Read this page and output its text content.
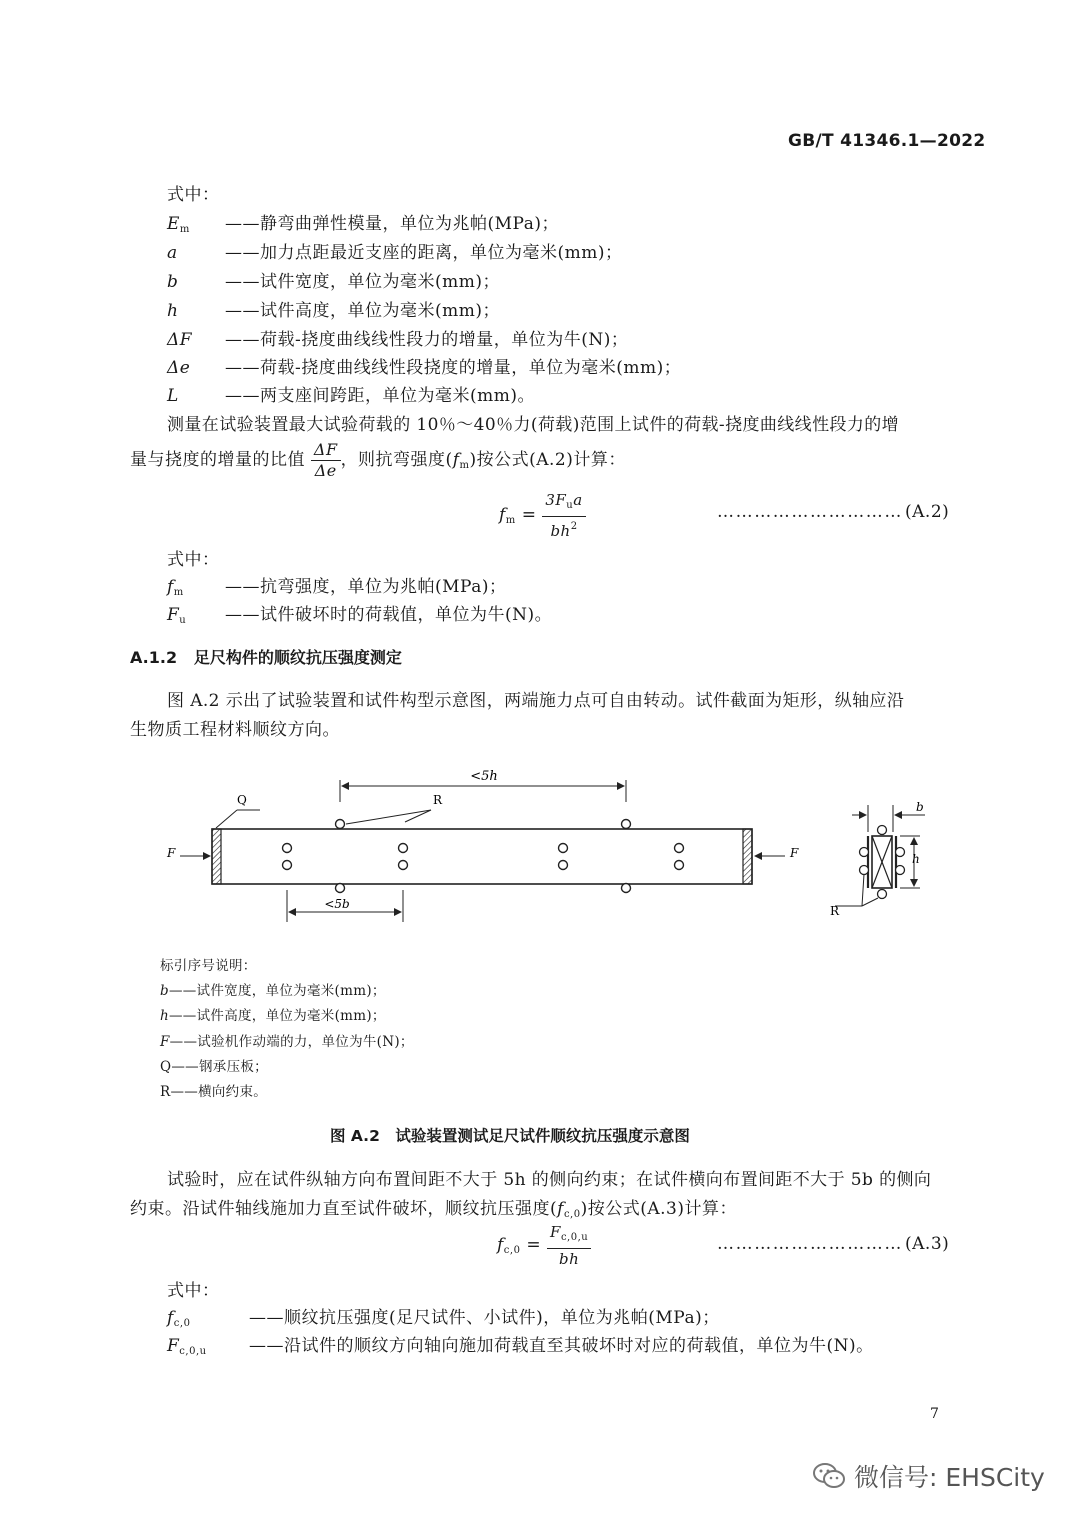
GB/T 41346.1—2022
式中：
$E_m$ ——静弯曲弹性模量，单位为兆帕(MPa)；
a	——加力点距最近支座的距离，单位为毫米(mm)；
b	——试件宽度，单位为毫米(mm)；
h	——试件高度，单位为毫米(mm)；
ΔF ——荷载-挠度曲线线性段力的增量，单位为牛(N)；
Δe ——荷载-挠度曲线线性段挠度的增量，单位为毫米(mm)；
L	——两支座间跨距，单位为毫米(mm)。
测量在试验装置最大试验荷载的 10％～40％力(荷载)范围上试件的荷载-挠度曲线线性段力的增
量与挠度的增量的比值 $\frac{\Delta F}{\Delta e}$ ，则抗弯强度$(f_m)$按公式(A.2)计算：
$f_m = \frac{3F_ua}{bh^2}$	………………………… (A.2)
式中：
$f_m$ ——抗弯强度，单位为兆帕(MPa)；
$F_u$ ——试件破坏时的荷载值，单位为牛(N)。
A.1.2 足尺构件的顺纹抗压强度测定
图 A.2 示出了试验装置和试件构型示意图，两端施力点可自由转动。试件截面为矩形，纵轴应沿
生物质工程材料顺纹方向。
<5h
Q	R
F	F
<5b
b
h
R
标引序号说明：
b——试件宽度，单位为毫米(mm)；
h——试件高度，单位为毫米(mm)；
F——试验机作动端的力，单位为牛(N)；
Q——钢承压板；
R——横向约束。
图 A.2　试验装置测试足尺试件顺纹抗压强度示意图
试验时，应在试件纵轴方向布置间距不大于 5h 的侧向约束；在试件横向布置间距不大于 5b 的侧向
约束。沿试件轴线施加力直至试件破坏，顺纹抗压强度$(f_{c,0})$按公式(A.3)计算：
$f_{c,0} = \frac{F_{c,0,u}}{bh}$	………………………… (A.3)
式中：
$f_{c,0}$	——顺纹抗压强度(足尺试件、小试件)，单位为兆帕(MPa)；
$F_{c,0,u}$ ——沿试件的顺纹方向轴向施加荷载直至其破坏时对应的荷载值，单位为牛(N)。
7
微信号: EHSCity
